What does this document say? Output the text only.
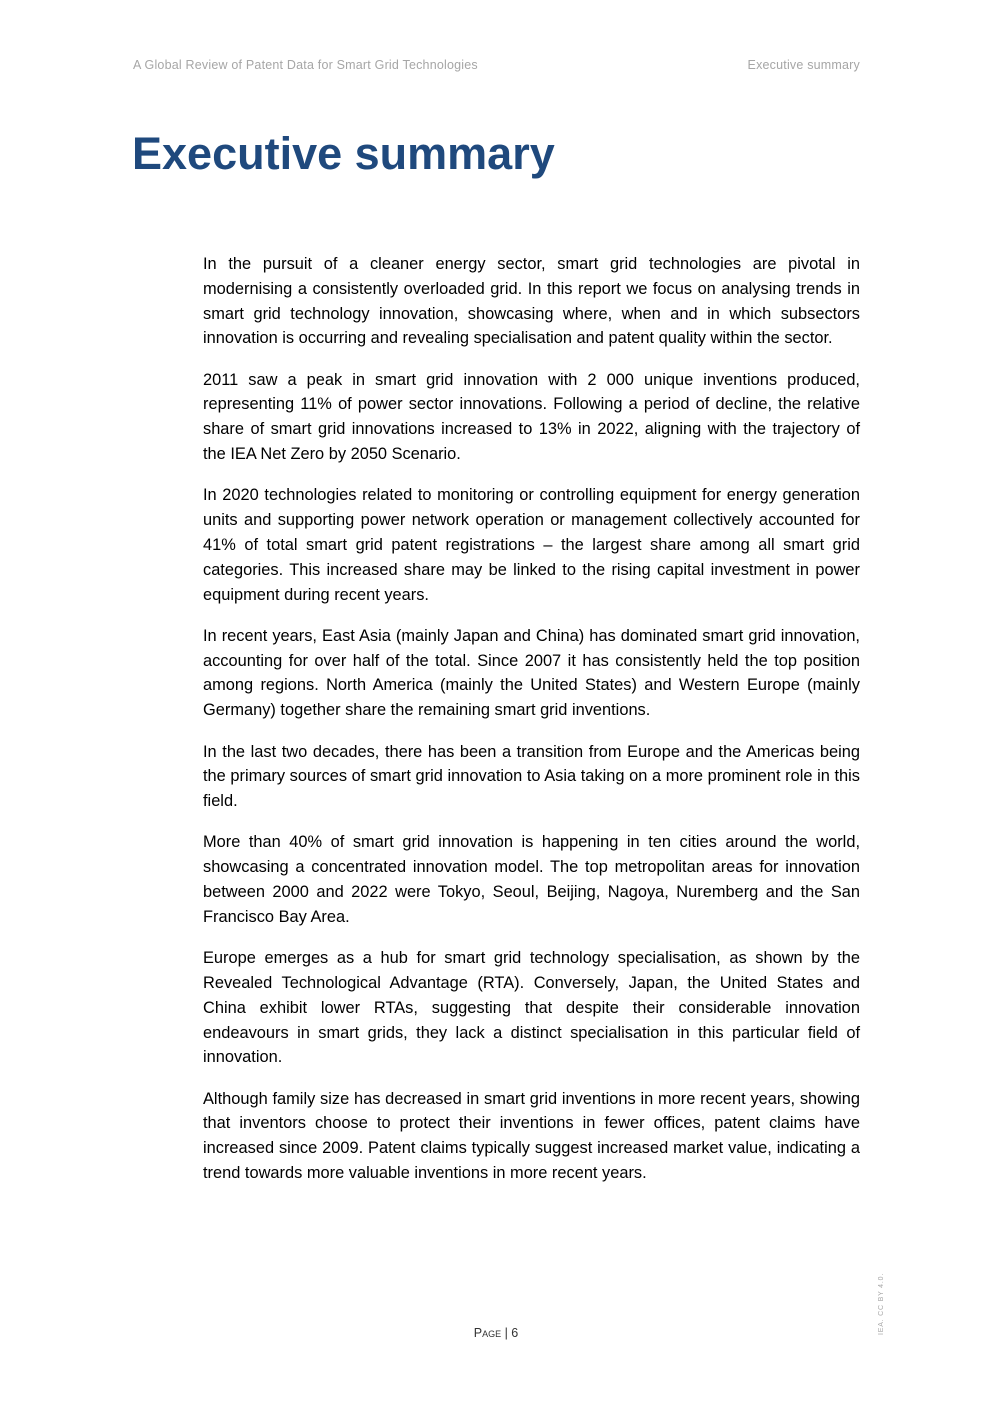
A Global Review of Patent Data for Smart Grid Technologies	Executive summary
Executive summary

In the pursuit of a cleaner energy sector, smart grid technologies are pivotal in modernising a consistently overloaded grid. In this report we focus on analysing trends in smart grid technology innovation, showcasing where, when and in which subsectors innovation is occurring and revealing specialisation and patent quality within the sector.

2011 saw a peak in smart grid innovation with 2 000 unique inventions produced, representing 11% of power sector innovations. Following a period of decline, the relative share of smart grid innovations increased to 13% in 2022, aligning with the trajectory of the IEA Net Zero by 2050 Scenario.

In 2020 technologies related to monitoring or controlling equipment for energy generation units and supporting power network operation or management collectively accounted for 41% of total smart grid patent registrations – the largest share among all smart grid categories. This increased share may be linked to the rising capital investment in power equipment during recent years.

In recent years, East Asia (mainly Japan and China) has dominated smart grid innovation, accounting for over half of the total. Since 2007 it has consistently held the top position among regions. North America (mainly the United States) and Western Europe (mainly Germany) together share the remaining smart grid inventions.

In the last two decades, there has been a transition from Europe and the Americas being the primary sources of smart grid innovation to Asia taking on a more prominent role in this field.

More than 40% of smart grid innovation is happening in ten cities around the world, showcasing a concentrated innovation model. The top metropolitan areas for innovation between 2000 and 2022 were Tokyo, Seoul, Beijing, Nagoya, Nuremberg and the San Francisco Bay Area.

Europe emerges as a hub for smart grid technology specialisation, as shown by the Revealed Technological Advantage (RTA). Conversely, Japan, the United States and China exhibit lower RTAs, suggesting that despite their considerable innovation endeavours in smart grids, they lack a distinct specialisation in this particular field of innovation.

Although family size has decreased in smart grid inventions in more recent years, showing that inventors choose to protect their inventions in fewer offices, patent claims have increased since 2009. Patent claims typically suggest increased market value, indicating a trend towards more valuable inventions in more recent years.

Page | 6	IEA. CC BY 4.0.
